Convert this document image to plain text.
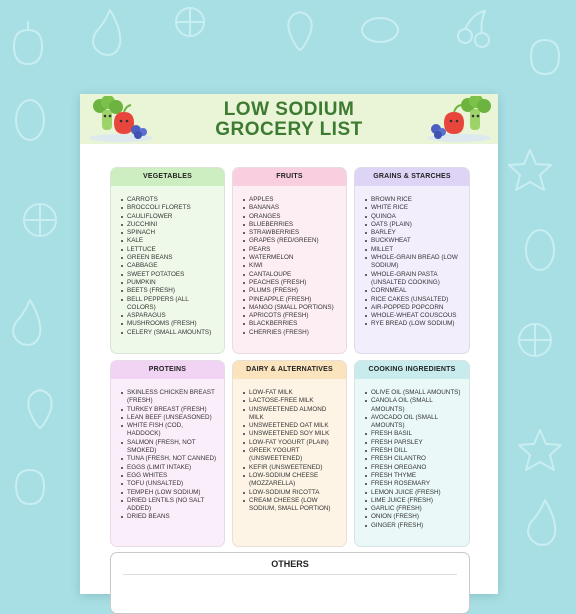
LOW SODIUM
GROCERY LIST
VEGETABLES
CARROTS
BROCCOLI FLORETS
CAULIFLOWER
ZUCCHINI
SPINACH
KALE
LETTUCE
GREEN BEANS
CABBAGE
SWEET POTATOES
PUMPKIN
BEETS (FRESH)
BELL PEPPERS (ALL COLORS)
ASPARAGUS
MUSHROOMS (FRESH)
CELERY (SMALL AMOUNTS)
FRUITS
APPLES
BANANAS
ORANGES
BLUEBERRIES
STRAWBERRIES
GRAPES (RED/GREEN)
PEARS
WATERMELON
KIWI
CANTALOUPE
PEACHES (FRESH)
PLUMS (FRESH)
PINEAPPLE (FRESH)
MANGO (SMALL PORTIONS)
APRICOTS (FRESH)
BLACKBERRIES
CHERRIES (FRESH)
GRAINS & STARCHES
BROWN RICE
WHITE RICE
QUINOA
OATS (PLAIN)
BARLEY
BUCKWHEAT
MILLET
WHOLE-GRAIN BREAD (LOW SODIUM)
WHOLE-GRAIN PASTA (UNSALTED COOKING)
CORNMEAL
RICE CAKES (UNSALTED)
AIR-POPPED POPCORN
WHOLE-WHEAT COUSCOUS
RYE BREAD (LOW SODIUM)
PROTEINS
SKINLESS CHICKEN BREAST (FRESH)
TURKEY BREAST (FRESH)
LEAN BEEF (UNSEASONED)
WHITE FISH (COD, HADDOCK)
SALMON (FRESH, NOT SMOKED)
TUNA (FRESH, NOT CANNED)
EGGS (LIMIT INTAKE)
EGG WHITES
TOFU (UNSALTED)
TEMPEH (LOW SODIUM)
DRIED LENTILS (NO SALT ADDED)
DRIED BEANS
DAIRY & ALTERNATIVES
LOW-FAT MILK
LACTOSE-FREE MILK
UNSWEETENED ALMOND MILK
UNSWEETENED OAT MILK
UNSWEETENED SOY MILK
LOW-FAT YOGURT (PLAIN)
GREEK YOGURT (UNSWEETENED)
KEFIR (UNSWEETENED)
LOW-SODIUM CHEESE (MOZZARELLA)
LOW-SODIUM RICOTTA
CREAM CHEESE (LOW SODIUM, SMALL PORTION)
COOKING INGREDIENTS
OLIVE OIL (SMALL AMOUNTS)
CANOLA OIL (SMALL AMOUNTS)
AVOCADO OIL (SMALL AMOUNTS)
FRESH BASIL
FRESH PARSLEY
FRESH DILL
FRESH CILANTRO
FRESH OREGANO
FRESH THYME
FRESH ROSEMARY
LEMON JUICE (FRESH)
LIME JUICE (FRESH)
GARLIC (FRESH)
ONION (FRESH)
GINGER (FRESH)
OTHERS
